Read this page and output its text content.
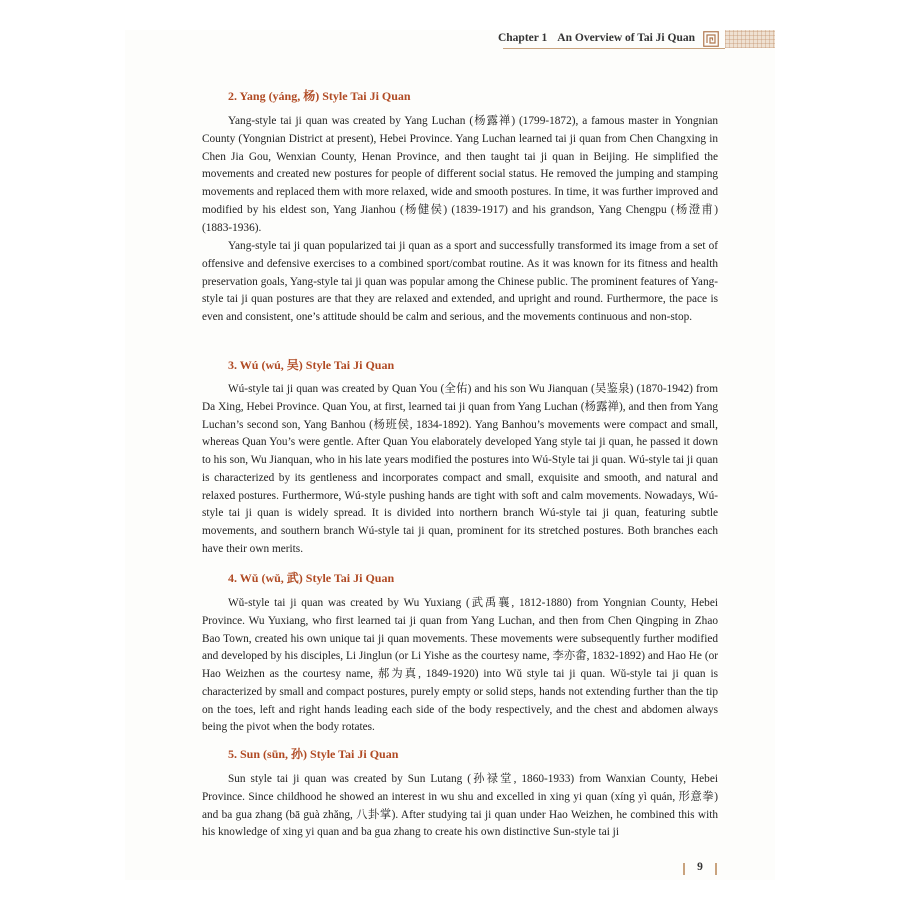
Chapter 1 An Overview of Tai Ji Quan
2. Yang (yáng, 杨) Style Tai Ji Quan

Yang-style tai ji quan was created by Yang Luchan (杨露禅) (1799-1872), a famous master in Yongnian County (Yongnian District at present), Hebei Province. Yang Luchan learned tai ji quan from Chen Changxing in Chen Jia Gou, Wenxian County, Henan Province, and then taught tai ji quan in Beijing. He simplified the movements and created new postures for people of different social status. He removed the jumping and stamping movements and replaced them with more relaxed, wide and smooth postures. In time, it was further improved and modified by his eldest son, Yang Jianhou (杨健侯) (1839-1917) and his grandson, Yang Chengpu (杨澄甫) (1883-1936).

Yang-style tai ji quan popularized tai ji quan as a sport and successfully transformed its image from a set of offensive and defensive exercises to a combined sport/combat routine. As it was known for its fitness and health preservation goals, Yang-style tai ji quan was popular among the Chinese public. The prominent features of Yang-style tai ji quan postures are that they are relaxed and extended, and upright and round. Furthermore, the pace is even and consistent, one’s attitude should be calm and serious, and the movements continuous and non-stop.

3. Wú (wú, 吴) Style Tai Ji Quan

Wú-style tai ji quan was created by Quan You (全佑) and his son Wu Jianquan (吴鉴泉) (1870-1942) from Da Xing, Hebei Province. Quan You, at first, learned tai ji quan from Yang Luchan (杨露禅), and then from Yang Luchan’s second son, Yang Banhou (杨班侯, 1834-1892). Yang Banhou’s movements were compact and small, whereas Quan You’s were gentle. After Quan You elaborately developed Yang style tai ji quan, he passed it down to his son, Wu Jianquan, who in his late years modified the postures into Wú-Style tai ji quan. Wú-style tai ji quan is characterized by its gentleness and incorporates compact and small, exquisite and smooth, and natural and relaxed postures. Furthermore, Wú-style pushing hands are tight with soft and calm movements. Nowadays, Wú-style tai ji quan is widely spread. It is divided into northern branch Wú-style tai ji quan, featuring subtle movements, and southern branch Wú-style tai ji quan, prominent for its stretched postures. Both branches each have their own merits.

4. Wǔ (wǔ, 武) Style Tai Ji Quan

Wǔ-style tai ji quan was created by Wu Yuxiang (武禹襄, 1812-1880) from Yongnian County, Hebei Province. Wu Yuxiang, who first learned tai ji quan from Yang Luchan, and then from Chen Qingping in Zhao Bao Town, created his own unique tai ji quan movements. These movements were subsequently further modified and developed by his disciples, Li Jinglun (or Li Yishe as the courtesy name, 李亦畬, 1832-1892) and Hao He (or Hao Weizhen as the courtesy name, 郝为真, 1849-1920) into Wǔ style tai ji quan. Wǔ-style tai ji quan is characterized by small and compact postures, purely empty or solid steps, hands not extending further than the tip on the toes, left and right hands leading each side of the body respectively, and the chest and abdomen always being the pivot when the body rotates.

5. Sun (sūn, 孙) Style Tai Ji Quan

Sun style tai ji quan was created by Sun Lutang (孙禄堂, 1860-1933) from Wanxian County, Hebei Province. Since childhood he showed an interest in wu shu and excelled in xing yi quan (xíng yì quán, 形意拳) and ba gua zhang (bā guà zhǎng, 八卦掌). After studying tai ji quan under Hao Weizhen, he combined this with his knowledge of xing yi quan and ba gua zhang to create his own distinctive Sun-style tai ji

9
